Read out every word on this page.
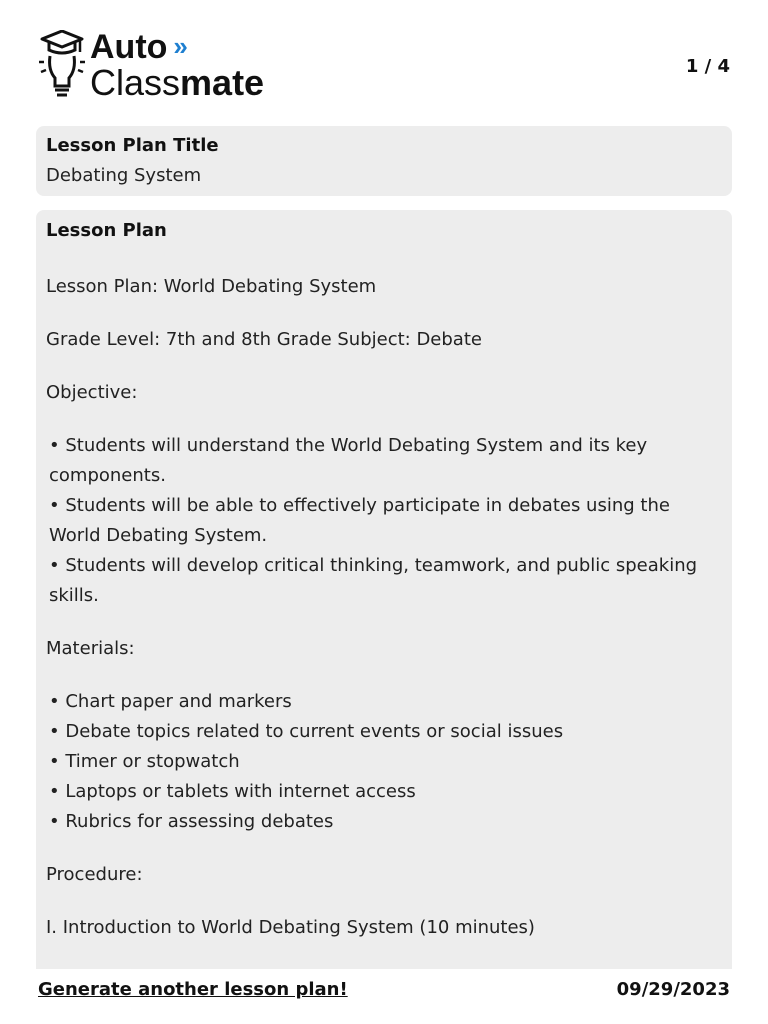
Auto »
Classmate	1 / 4
Lesson Plan Title
Debating System
Lesson Plan
Lesson Plan: World Debating System
Grade Level: 7th and 8th Grade Subject: Debate
Objective:
• Students will understand the World Debating System and its key components.
• Students will be able to effectively participate in debates using the World Debating System.
• Students will develop critical thinking, teamwork, and public speaking skills.
Materials:
• Chart paper and markers
• Debate topics related to current events or social issues
• Timer or stopwatch
• Laptops or tablets with internet access
• Rubrics for assessing debates
Procedure:
I. Introduction to World Debating System (10 minutes)
Generate another lesson plan!	09/29/2023
